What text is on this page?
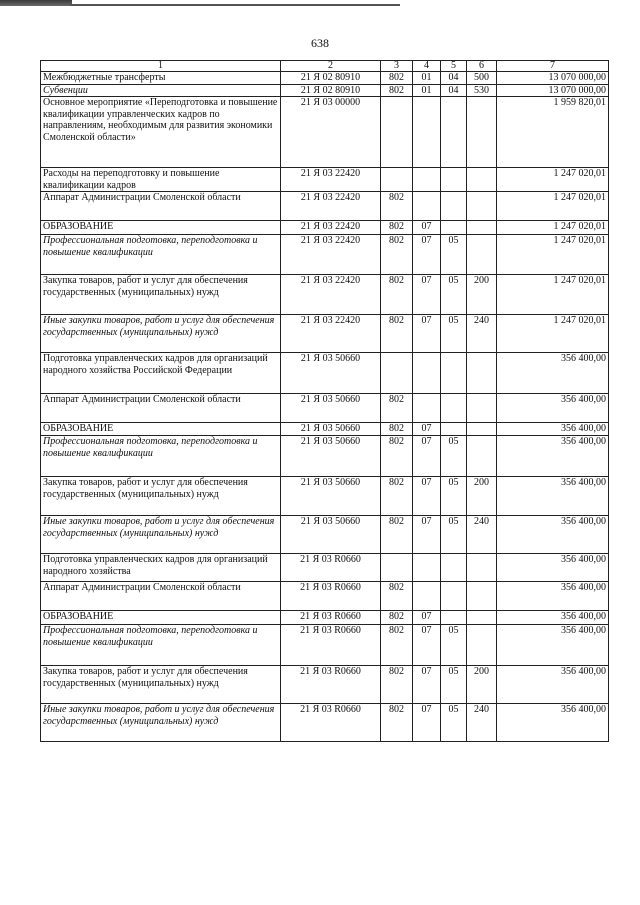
638
1	2	3	4	5	6	7
Межбюджетные трансферты	21 Я 02 80910	802	01	04	500	13 070 000,00
Субвенции	21 Я 02 80910	802	01	04	530	13 070 000,00
Основное мероприятие «Переподготовка и повышение квалификации управленческих кадров по направлениям, необходимым для развития экономики Смоленской области»	21 Я 03 00000					1 959 820,01
Расходы на переподготовку и повышение квалификации кадров	21 Я 03 22420					1 247 020,01
Аппарат Администрации Смоленской области	21 Я 03 22420	802				1 247 020,01
ОБРАЗОВАНИЕ	21 Я 03 22420	802	07			1 247 020,01
Профессиональная подготовка, переподготовка и повышение квалификации	21 Я 03 22420	802	07	05		1 247 020,01
Закупка товаров, работ и услуг для обеспечения государственных (муниципальных) нужд	21 Я 03 22420	802	07	05	200	1 247 020,01
Иные закупки товаров, работ и услуг для обеспечения государственных (муниципальных) нужд	21 Я 03 22420	802	07	05	240	1 247 020,01
Подготовка управленческих кадров для организаций народного хозяйства Российской Федерации	21 Я 03 50660					356 400,00
Аппарат Администрации Смоленской области	21 Я 03 50660	802				356 400,00
ОБРАЗОВАНИЕ	21 Я 03 50660	802	07			356 400,00
Профессиональная подготовка, переподготовка и повышение квалификации	21 Я 03 50660	802	07	05		356 400,00
Закупка товаров, работ и услуг для обеспечения государственных (муниципальных) нужд	21 Я 03 50660	802	07	05	200	356 400,00
Иные закупки товаров, работ и услуг для обеспечения государственных (муниципальных) нужд	21 Я 03 50660	802	07	05	240	356 400,00
Подготовка управленческих кадров для организаций народного хозяйства	21 Я 03 R0660					356 400,00
Аппарат Администрации Смоленской области	21 Я 03 R0660	802				356 400,00
ОБРАЗОВАНИЕ	21 Я 03 R0660	802	07			356 400,00
Профессиональная подготовка, переподготовка и повышение квалификации	21 Я 03 R0660	802	07	05		356 400,00
Закупка товаров, работ и услуг для обеспечения государственных (муниципальных) нужд	21 Я 03 R0660	802	07	05	200	356 400,00
Иные закупки товаров, работ и услуг для обеспечения государственных (муниципальных) нужд	21 Я 03 R0660	802	07	05	240	356 400,00
